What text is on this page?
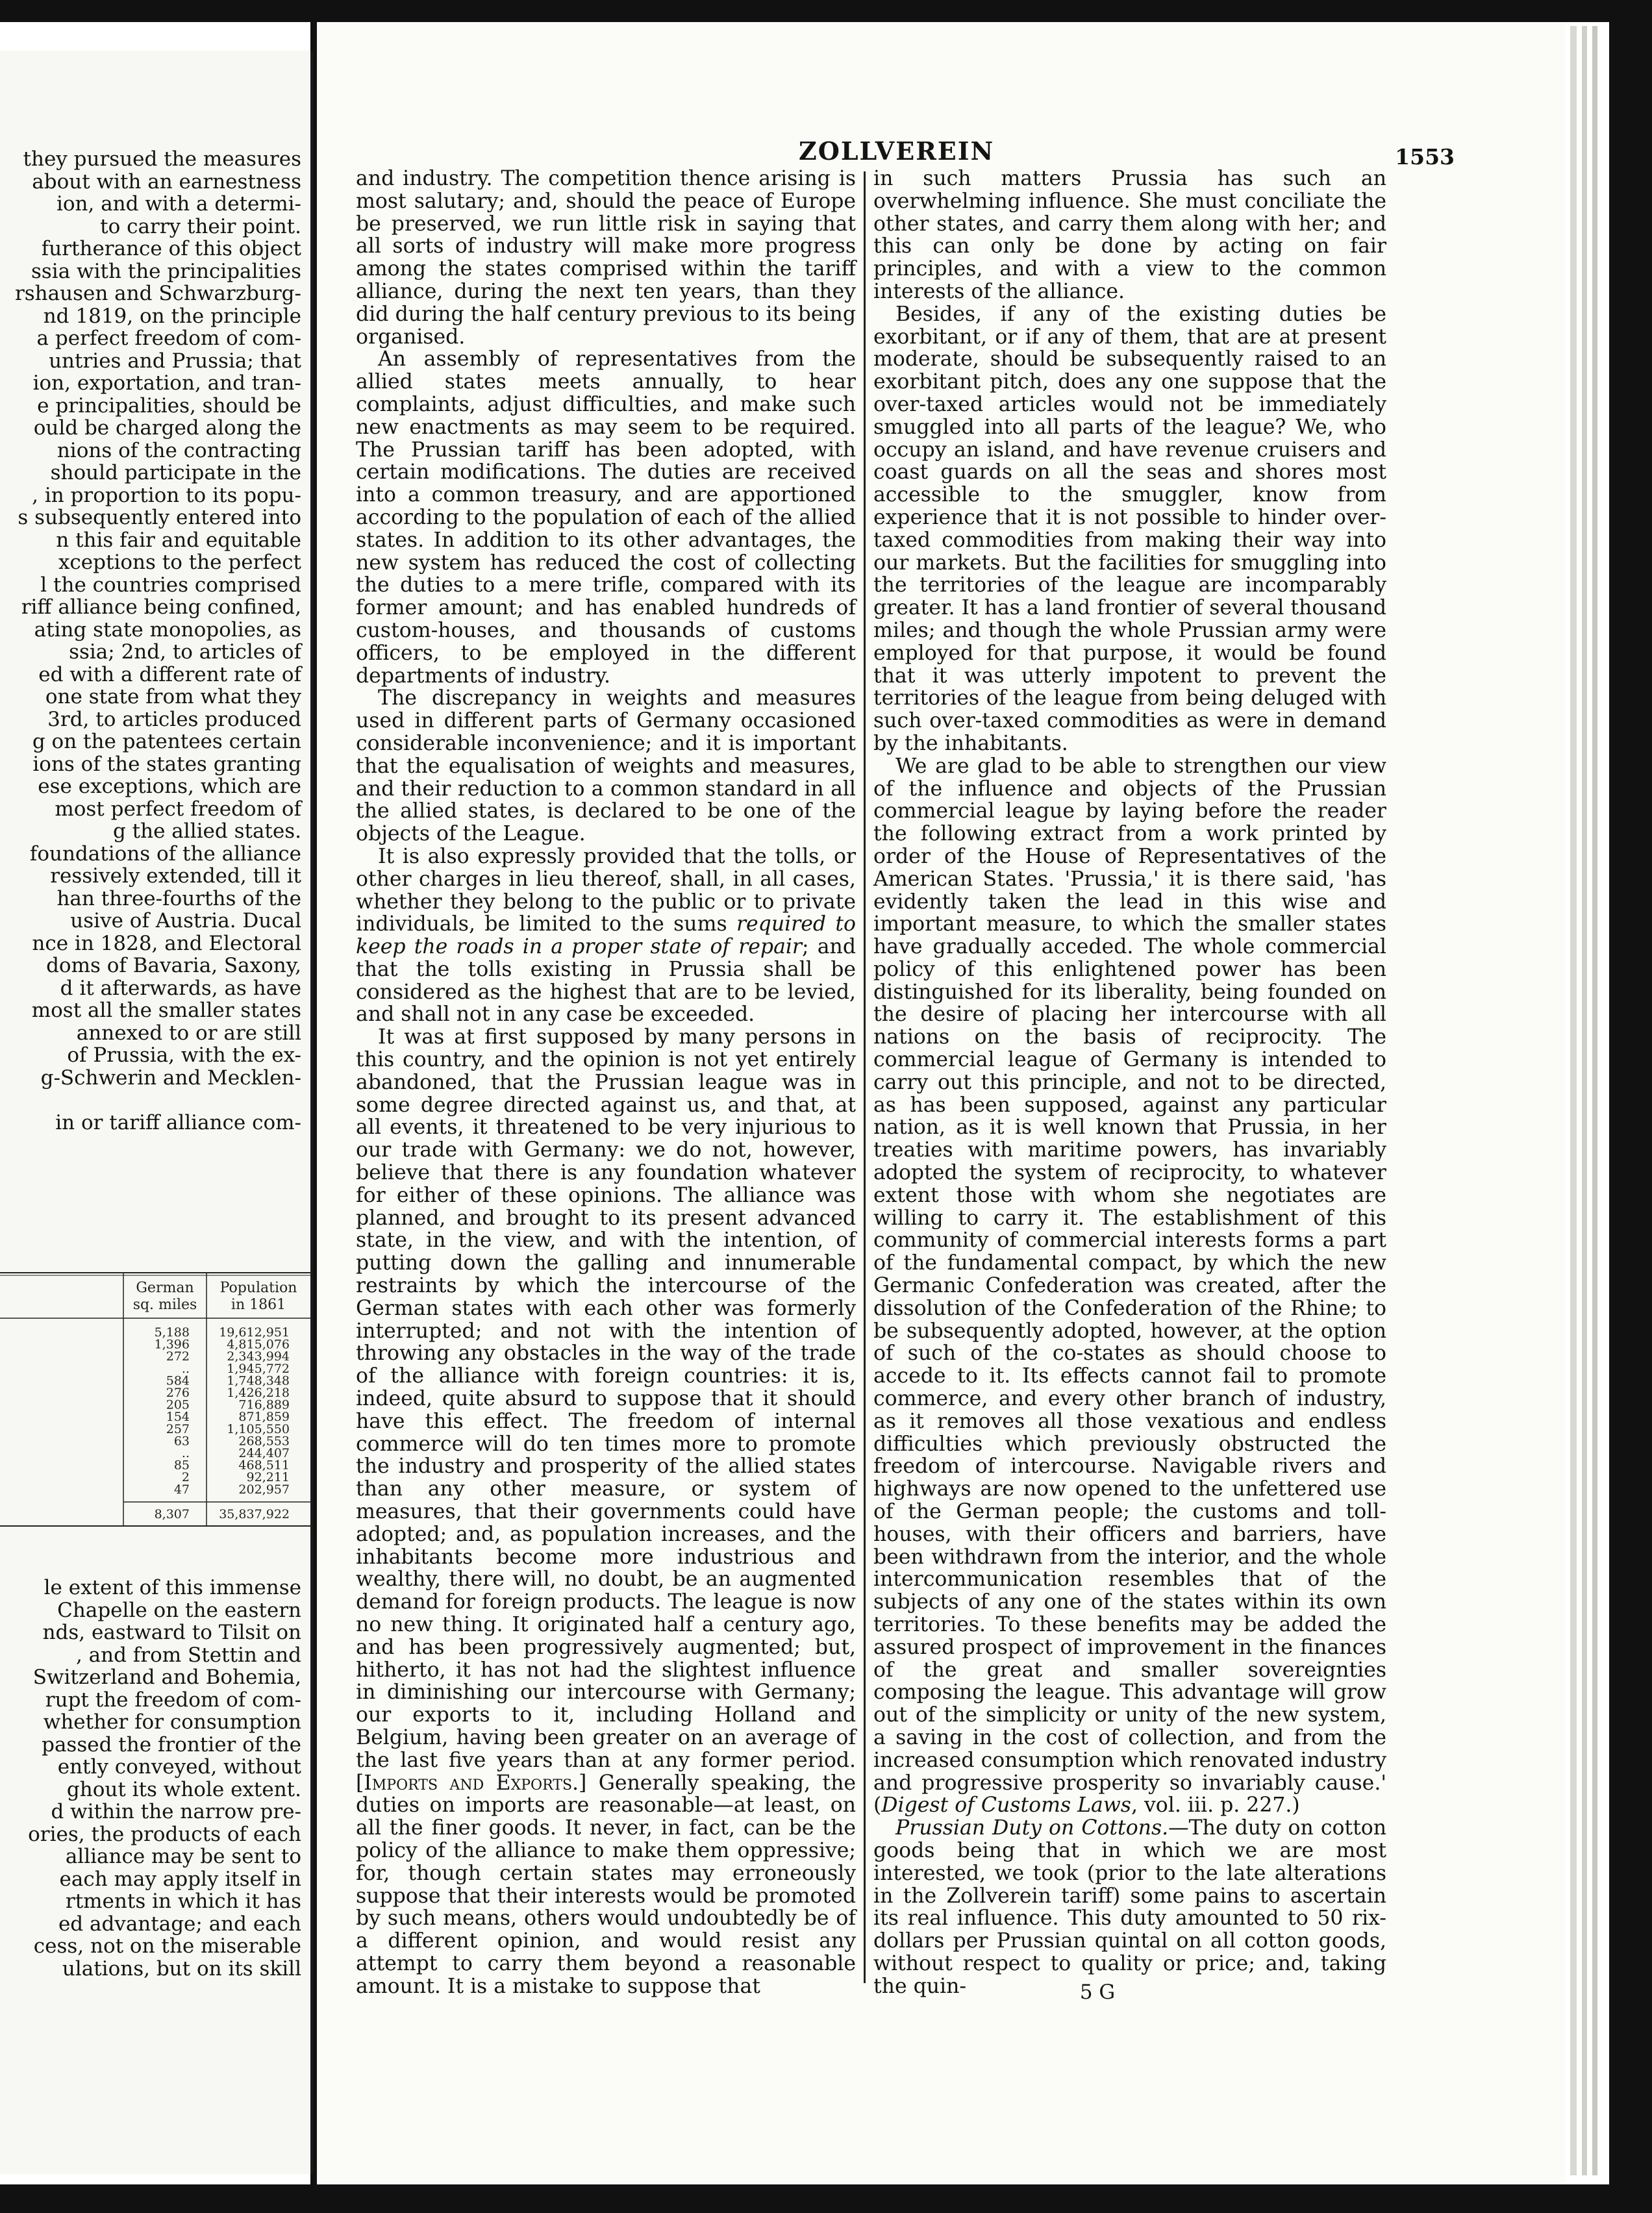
they pursued the measures
about with an earnestness
ion, and with a determi-
to carry their point.
furtherance of this object
ssia with the principalities
rshausen and Schwarzburg-
nd 1819, on the principle
a perfect freedom of com-
untries and Prussia; that
ion, exportation, and tran-
e principalities, should be
ould be charged along the
nions of the contracting
should participate in the
, in proportion to its popu-
s subsequently entered into
n this fair and equitable
xceptions to the perfect
l the countries comprised
riff alliance being confined,
ating state monopolies, as
ssia; 2nd, to articles of
ed with a different rate of
one state from what they
3rd, to articles produced
g on the patentees certain
ions of the states granting
ese exceptions, which are
most perfect freedom of
g the allied states.
foundations of the alliance
ressively extended, till it
han three-fourths of the
usive of Austria. Ducal
nce in 1828, and Electoral
doms of Bavaria, Saxony,
d it afterwards, as have
most all the smaller states
annexed to or are still
of Prussia, with the ex-
g-Schwerin and Mecklen-

in or tariff alliance com-
German
sq. miles
Population
in 1861
5,188 19,612,951
1,396	4,815,076
272	2,343,994
..	1,945,772
584	1,748,348
276	1,426,218
205	716,889
154	871,859
257	1,105,550
63	268,553
..	244,407
85	468,511
2	92,211
47	202,957
8,307 35,837,922
le extent of this immense
Chapelle on the eastern
nds, eastward to Tilsit on
, and from Stettin and
Switzerland and Bohemia,
rupt the freedom of com-
whether for consumption
passed the frontier of the
ently conveyed, without
ghout its whole extent.
d within the narrow pre-
ories, the products of each
alliance may be sent to
each may apply itself in
rtments in which it has
ed advantage; and each
cess, not on the miserable
ulations, but on its skill
ZOLLVEREIN	1553

and industry. The competition thence arising is most salutary; and, should the peace of Europe be preserved, we run little risk in saying that all sorts of industry will make more progress among the states comprised within the tariff alliance, during the next ten years, than they did during the half century previous to its being organised.

An assembly of representatives from the allied states meets annually, to hear complaints, adjust difficulties, and make such new enactments as may seem to be required. The Prussian tariff has been adopted, with certain modifications. The duties are received into a common treasury, and are apportioned according to the population of each of the allied states. In addition to its other advantages, the new system has reduced the cost of collecting the duties to a mere trifle, compared with its former amount; and has enabled hundreds of custom-houses, and thousands of customs officers, to be employed in the different departments of industry.

The discrepancy in weights and measures used in different parts of Germany occasioned considerable inconvenience; and it is important that the equalisation of weights and measures, and their reduction to a common standard in all the allied states, is declared to be one of the objects of the League.

It is also expressly provided that the tolls, or other charges in lieu thereof, shall, in all cases, whether they belong to the public or to private individuals, be limited to the sums required to keep the roads in a proper state of repair; and that the tolls existing in Prussia shall be considered as the highest that are to be levied, and shall not in any case be exceeded.

It was at first supposed by many persons in this country, and the opinion is not yet entirely abandoned, that the Prussian league was in some degree directed against us, and that, at all events, it threatened to be very injurious to our trade with Germany: we do not, however, believe that there is any foundation whatever for either of these opinions. The alliance was planned, and brought to its present advanced state, in the view, and with the intention, of putting down the galling and innumerable restraints by which the intercourse of the German states with each other was formerly interrupted; and not with the intention of throwing any obstacles in the way of the trade of the alliance with foreign countries: it is, indeed, quite absurd to suppose that it should have this effect. The freedom of internal commerce will do ten times more to promote the industry and prosperity of the allied states than any other measure, or system of measures, that their governments could have adopted; and, as population increases, and the inhabitants become more industrious and wealthy, there will, no doubt, be an augmented demand for foreign products. The league is now no new thing. It originated half a century ago, and has been progressively augmented; but, hitherto, it has not had the slightest influence in diminishing our intercourse with Germany; our exports to it, including Holland and Belgium, having been greater on an average of the last five years than at any former period. [Imports and Exports.] Generally speaking, the duties on imports are reasonable—at least, on all the finer goods. It never, in fact, can be the policy of the alliance to make them oppressive; for, though certain states may erroneously suppose that their interests would be promoted by such means, others would undoubtedly be of a different opinion, and would resist any attempt to carry them beyond a reasonable amount. It is a mistake to suppose that

in such matters Prussia has such an overwhelming influence. She must conciliate the other states, and carry them along with her; and this can only be done by acting on fair principles, and with a view to the common interests of the alliance.

Besides, if any of the existing duties be exorbitant, or if any of them, that are at present moderate, should be subsequently raised to an exorbitant pitch, does any one suppose that the over-taxed articles would not be immediately smuggled into all parts of the league? We, who occupy an island, and have revenue cruisers and coast guards on all the seas and shores most accessible to the smuggler, know from experience that it is not possible to hinder over-taxed commodities from making their way into our markets. But the facilities for smuggling into the territories of the league are incomparably greater. It has a land frontier of several thousand miles; and though the whole Prussian army were employed for that purpose, it would be found that it was utterly impotent to prevent the territories of the league from being deluged with such over-taxed commodities as were in demand by the inhabitants.

We are glad to be able to strengthen our view of the influence and objects of the Prussian commercial league by laying before the reader the following extract from a work printed by order of the House of Representatives of the American States. 'Prussia,' it is there said, 'has evidently taken the lead in this wise and important measure, to which the smaller states have gradually acceded. The whole commercial policy of this enlightened power has been distinguished for its liberality, being founded on the desire of placing her intercourse with all nations on the basis of reciprocity. The commercial league of Germany is intended to carry out this principle, and not to be directed, as has been supposed, against any particular nation, as it is well known that Prussia, in her treaties with maritime powers, has invariably adopted the system of reciprocity, to whatever extent those with whom she negotiates are willing to carry it. The establishment of this community of commercial interests forms a part of the fundamental compact, by which the new Germanic Confederation was created, after the dissolution of the Confederation of the Rhine; to be subsequently adopted, however, at the option of such of the co-states as should choose to accede to it. Its effects cannot fail to promote commerce, and every other branch of industry, as it removes all those vexatious and endless difficulties which previously obstructed the freedom of intercourse. Navigable rivers and highways are now opened to the unfettered use of the German people; the customs and toll-houses, with their officers and barriers, have been withdrawn from the interior, and the whole intercommunication resembles that of the subjects of any one of the states within its own territories. To these benefits may be added the assured prospect of improvement in the finances of the great and smaller sovereignties composing the league. This advantage will grow out of the simplicity or unity of the new system, a saving in the cost of collection, and from the increased consumption which renovated industry and progressive prosperity so invariably cause.' (Digest of Customs Laws, vol. iii. p. 227.)

Prussian Duty on Cottons.—The duty on cotton goods being that in which we are most interested, we took (prior to the late alterations in the Zollverein tariff) some pains to ascertain its real influence. This duty amounted to 50 rix-dollars per Prussian quintal on all cotton goods, without respect to quality or price; and, taking the quin-	5 G
